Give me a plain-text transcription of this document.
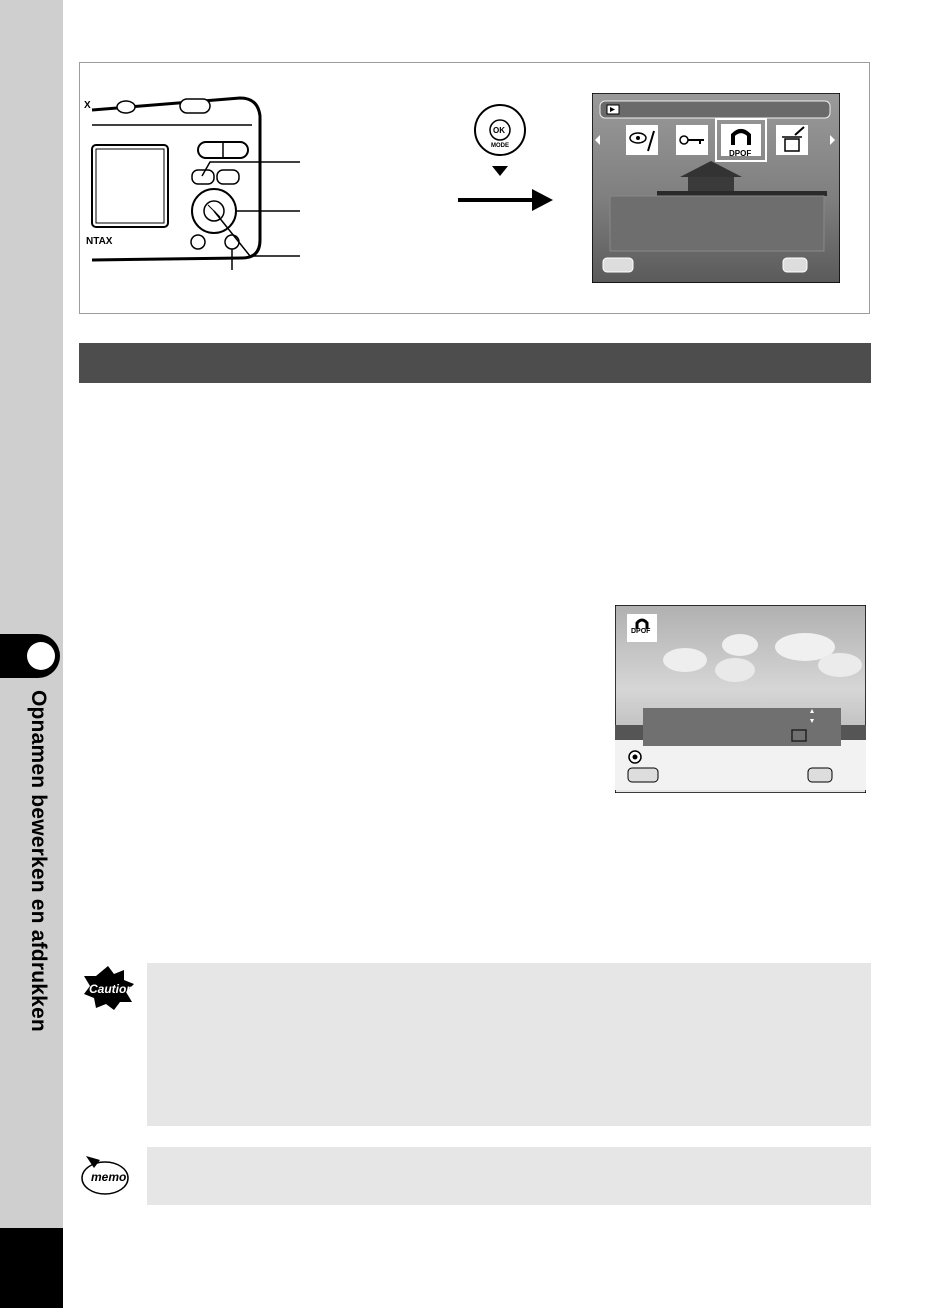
Opnamen bewerken en afdrukken
X
NTAX
OK
MODE
DPOF
DPOF
Caution
memo
